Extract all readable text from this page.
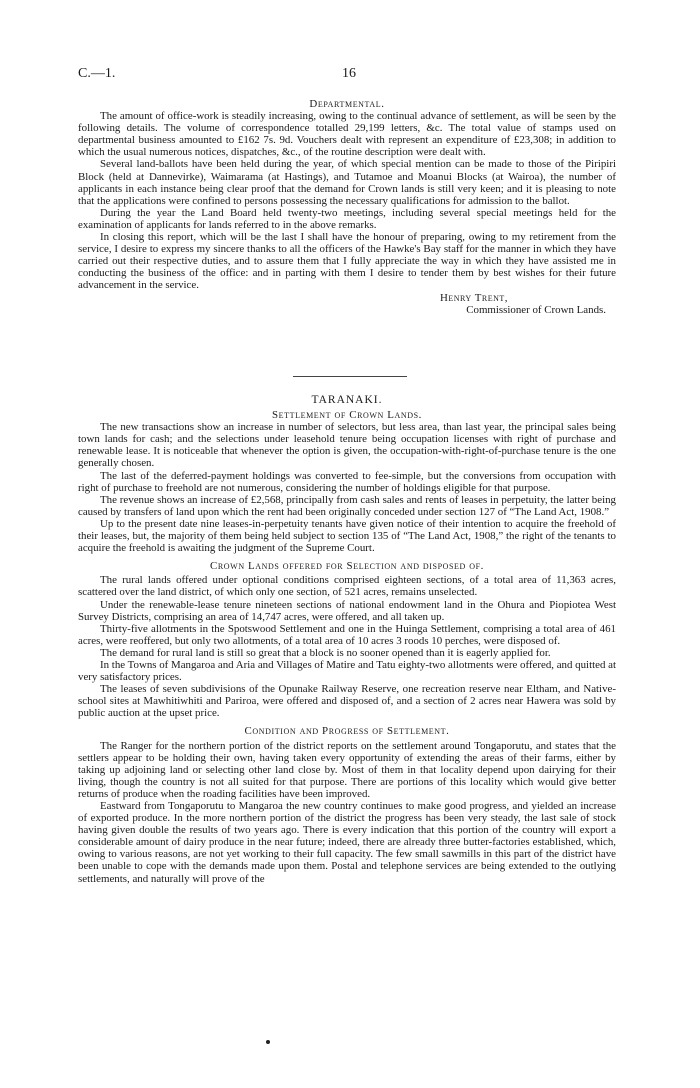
C.—1.	16
Departmental.

The amount of office-work is steadily increasing, owing to the continual advance of settlement, as will be seen by the following details. The volume of correspondence totalled 29,199 letters, &c. The total value of stamps used on departmental business amounted to £162 7s. 9d. Vouchers dealt with represent an expenditure of £23,308; in addition to which the usual numerous notices, dispatches, &c., of the routine description were dealt with.

Several land-ballots have been held during the year, of which special mention can be made to those of the Piripiri Block (held at Dannevirke), Waimarama (at Hastings), and Tutamoe and Moanui Blocks (at Wairoa), the number of applicants in each instance being clear proof that the demand for Crown lands is still very keen; and it is pleasing to note that the applications were confined to persons possessing the necessary qualifications for admission to the ballot.

During the year the Land Board held twenty-two meetings, including several special meetings held for the examination of applicants for lands referred to in the above remarks.

In closing this report, which will be the last I shall have the honour of preparing, owing to my retirement from the service, I desire to express my sincere thanks to all the officers of the Hawke's Bay staff for the manner in which they have carried out their respective duties, and to assure them that I fully appreciate the way in which they have assisted me in conducting the business of the office: and in parting with them I desire to tender them by best wishes for their future advancement in the service.

Henry Trent,
Commissioner of Crown Lands.
TARANAKI.
Settlement of Crown Lands.

The new transactions show an increase in number of selectors, but less area, than last year, the principal sales being town lands for cash; and the selections under leasehold tenure being occupation licenses with right of purchase and renewable lease. It is noticeable that whenever the option is given, the occupation-with-right-of-purchase tenure is the one generally chosen.

The last of the deferred-payment holdings was converted to fee-simple, but the conversions from occupation with right of purchase to freehold are not numerous, considering the number of holdings eligible for that purpose.

The revenue shows an increase of £2,568, principally from cash sales and rents of leases in perpetuity, the latter being caused by transfers of land upon which the rent had been originally conceded under section 127 of “The Land Act, 1908.”

Up to the present date nine leases-in-perpetuity tenants have given notice of their intention to acquire the freehold of their leases, but, the majority of them being held subject to section 135 of “The Land Act, 1908,” the right of the tenants to acquire the freehold is awaiting the judgment of the Supreme Court.

Crown Lands offered for Selection and disposed of.

The rural lands offered under optional conditions comprised eighteen sections, of a total area of 11,363 acres, scattered over the land district, of which only one section, of 521 acres, remains unselected.

Under the renewable-lease tenure nineteen sections of national endowment land in the Ohura and Piopiotea West Survey Districts, comprising an area of 14,747 acres, were offered, and all taken up.

Thirty-five allotments in the Spotswood Settlement and one in the Huinga Settlement, comprising a total area of 461 acres, were reoffered, but only two allotments, of a total area of 10 acres 3 roods 10 perches, were disposed of.

The demand for rural land is still so great that a block is no sooner opened than it is eagerly applied for.

In the Towns of Mangaroa and Aria and Villages of Matire and Tatu eighty-two allotments were offered, and quitted at very satisfactory prices.

The leases of seven subdivisions of the Opunake Railway Reserve, one recreation reserve near Eltham, and Native-school sites at Mawhitiwhiti and Pariroa, were offered and disposed of, and a section of 2 acres near Hawera was sold by public auction at the upset price.

Condition and Progress of Settlement.

The Ranger for the northern portion of the district reports on the settlement around Tongaporutu, and states that the settlers appear to be holding their own, having taken every opportunity of extending the areas of their farms, either by taking up adjoining land or selecting other land close by. Most of them in that locality depend upon dairying for their living, though the country is not all suited for that purpose. There are portions of this locality which would give better returns of produce when the roading facilities have been improved.

Eastward from Tongaporutu to Mangaroa the new country continues to make good progress, and yielded an increase of exported produce. In the more northern portion of the district the progress has been very steady, the last sale of stock having given double the results of two years ago. There is every indication that this portion of the country will export a considerable amount of dairy produce in the near future; indeed, there are already three butter-factories established, which, owing to various reasons, are not yet working to their full capacity. The few small sawmills in this part of the district have been unable to cope with the demands made upon them. Postal and telephone services are being extended to the outlying settlements, and naturally will prove of the
